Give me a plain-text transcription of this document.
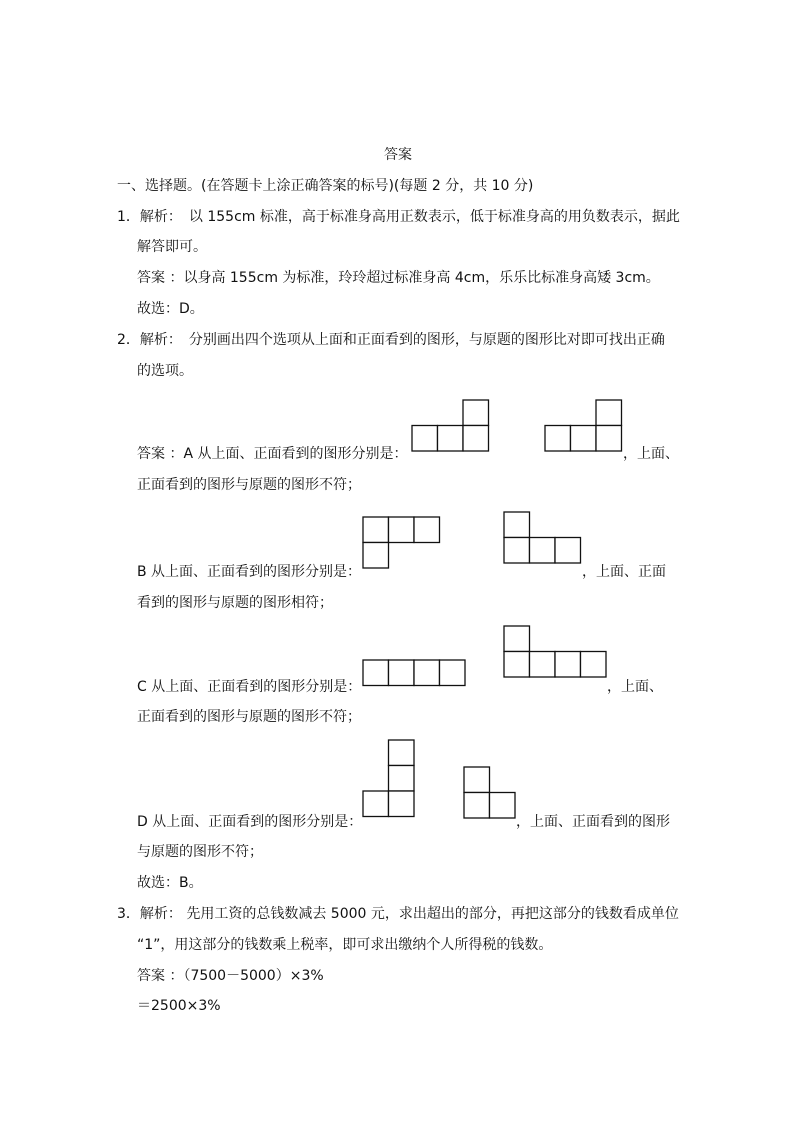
答案
一、选择题。(在答题卡上涂正确答案的标号)(每题 2 分，共 10 分)
1．解析：　以 155cm 标准，高于标准身高用正数表示，低于标准身高的用负数表示，据此
解答即可。
答案 ：以身高 155cm 为标准，玲玲超过标准身高 4cm，乐乐比标准身高矮 3cm。
故选：D。
2．解析：　分别画出四个选项从上面和正面看到的图形，与原题的图形比对即可找出正确
的选项。
答案 ：A 从上面、正面看到的图形分别是：	，上面、
正面看到的图形与原题的图形不符；
B 从上面、正面看到的图形分别是：	，上面、正面
看到的图形与原题的图形相符；
C 从上面、正面看到的图形分别是：	，上面、
正面看到的图形与原题的图形不符；
D 从上面、正面看到的图形分别是：	，上面、正面看到的图形
与原题的图形不符；
故选：B。
3．解析： 先用工资的总钱数减去 5000 元，求出超出的部分，再把这部分的钱数看成单位
“1”，用这部分的钱数乘上税率，即可求出缴纳个人所得税的钱数。
答案 ：（7500－5000）×3%
＝2500×3%
